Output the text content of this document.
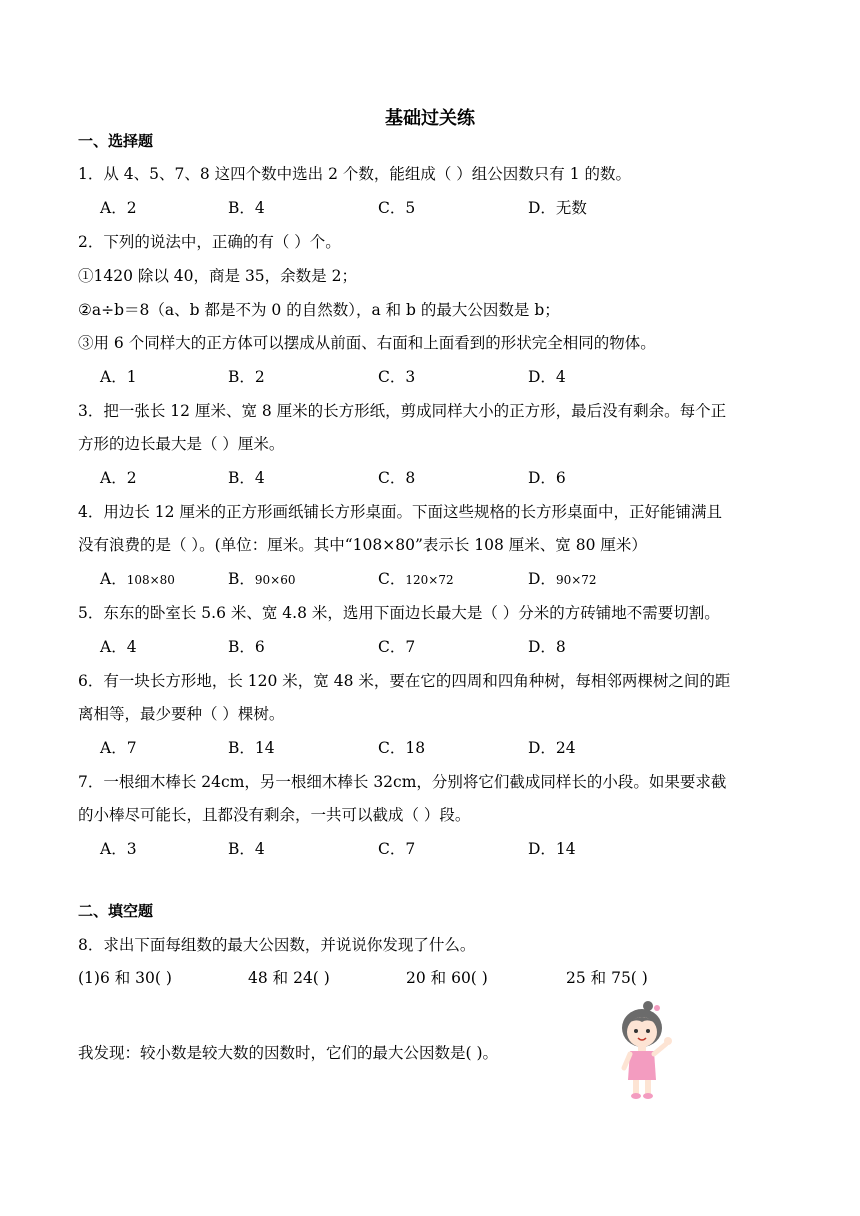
基础过关练
一、选择题
1．从 4、5、7、8 这四个数中选出 2 个数，能组成（ ）组公因数只有 1 的数。
A．2	B．4	C．5	D．无数
2．下列的说法中，正确的有（ ）个。
①1420 除以 40，商是 35，余数是 2；
②a÷b＝8（a、b 都是不为 0 的自然数），a 和 b 的最大公因数是 b；
③用 6 个同样大的正方体可以摆成从前面、右面和上面看到的形状完全相同的物体。
A．1	B．2	C．3	D．4
3．把一张长 12 厘米、宽 8 厘米的长方形纸，剪成同样大小的正方形，最后没有剩余。每个正
方形的边长最大是（ ）厘米。
A．2	B．4	C．8	D．6
4．用边长 12 厘米的正方形画纸铺长方形桌面。下面这些规格的长方形桌面中，正好能铺满且
没有浪费的是（ ）。(单位：厘米。其中“108×80”表示长 108 厘米、宽 80 厘米）
A．108×80	B．90×60	C．120×72	D．90×72
5．东东的卧室长 5.6 米、宽 4.8 米，选用下面边长最大是（ ）分米的方砖铺地不需要切割。
A．4	B．6	C．7	D．8
6．有一块长方形地，长 120 米，宽 48 米，要在它的四周和四角种树，每相邻两棵树之间的距
离相等，最少要种（ ）棵树。
A．7	B．14	C．18	D．24
7．一根细木棒长 24cm，另一根细木棒长 32cm，分别将它们截成同样长的小段。如果要求截
的小棒尽可能长，且都没有剩余，一共可以截成（ ）段。
A．3	B．4	C．7	D．14
二、填空题
8．求出下面每组数的最大公因数，并说说你发现了什么。
(1)6 和 30( )	48 和 24( )	20 和 60( )	25 和 75( )
我发现：较小数是较大数的因数时，它们的最大公因数是( )。
